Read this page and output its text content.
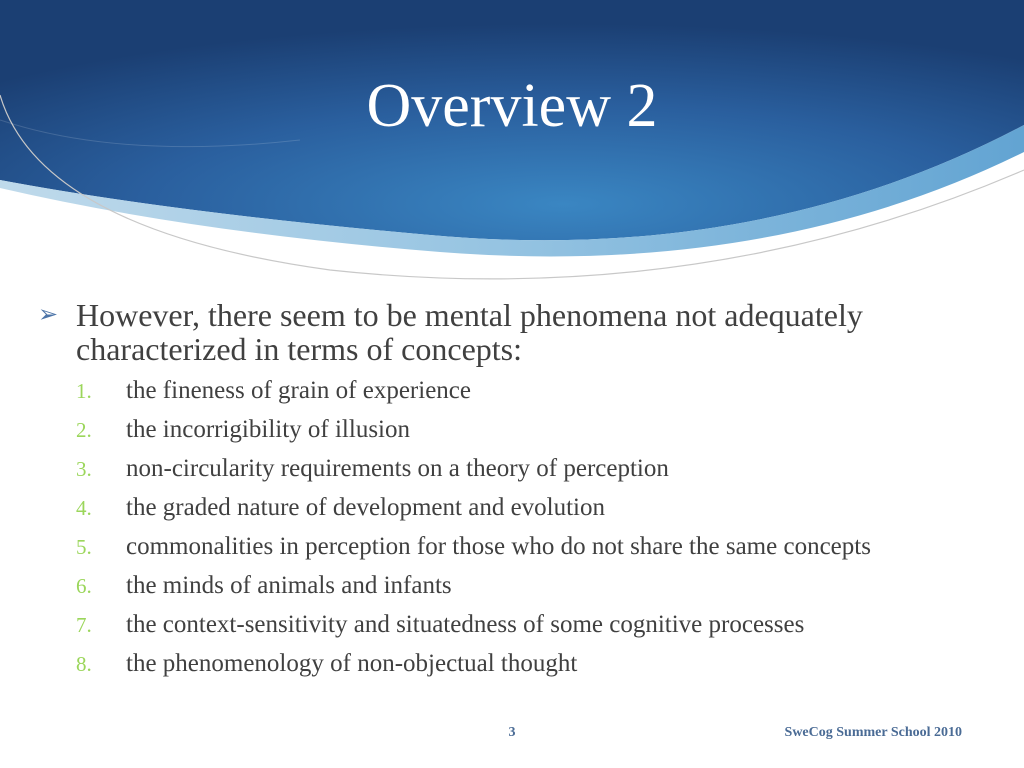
Overview 2
➢ However, there seem to be mental phenomena not adequately characterized in terms of concepts:
1.	the fineness of grain of experience
2.	the incorrigibility of illusion
3.	non-circularity requirements on a theory of perception
4.	the graded nature of development and evolution
5.	commonalities in perception for those who do not share the same concepts
6.	the minds of animals and infants
7.	the context-sensitivity and situatedness of some cognitive processes
8.	the phenomenology of non-objectual thought
3	SweCog Summer School 2010
